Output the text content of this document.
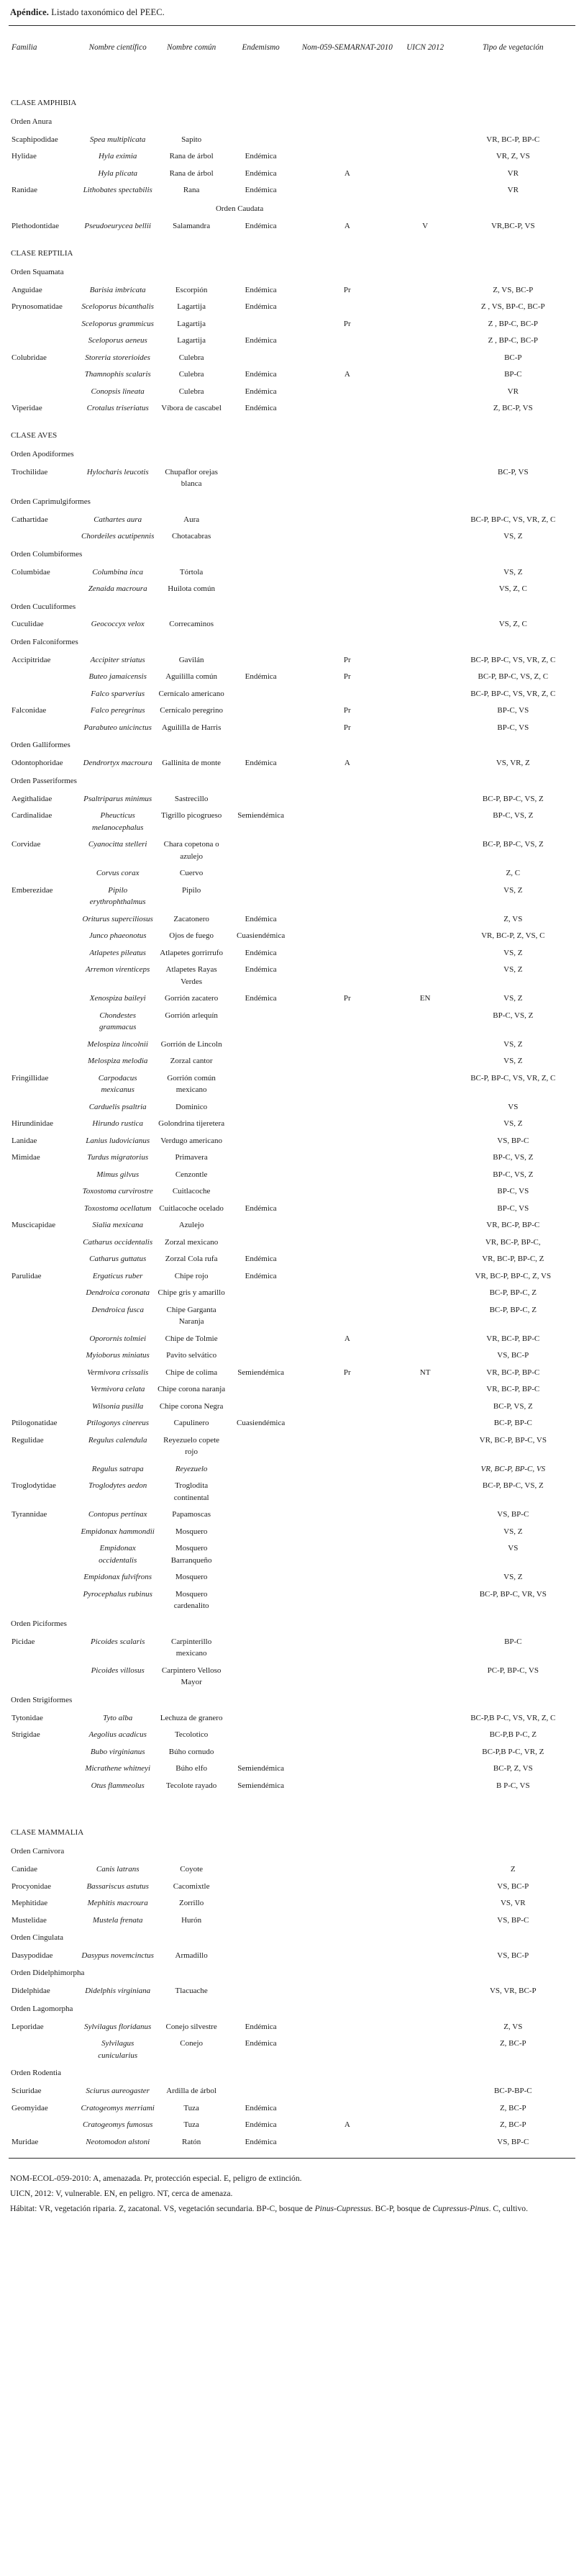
Apéndice. Listado taxonómico del PEEC.
Familia	Nombre científico	Nombre común	Endemismo	Nom-059-SEMARNAT-2010	UICN 2012	Tipo de vegetación
CLASE AMPHIBIA						
Orden Anura						
Scaphipodidae	Spea multiplicata	Sapito				VR, BC-P, BP-C
Hylidae	Hyla eximia	Rana de árbol	Endémica			VR, Z, VS
	Hyla plicata	Rana de árbol	Endémica	A		VR
Ranidae	Lithobates spectabilis	Rana	Endémica			VR
	Orden Caudata					
Plethodontidae	Pseudoeurycea bellii	Salamandra	Endémica	A	V	VR,BC-P, VS
CLASE REPTILIA						
Orden Squamata						
Anguidae	Barisia imbricata	Escorpión	Endémica	Pr		Z, VS, BC-P
Prynosomatidae	Sceloporus bicanthalis	Lagartija	Endémica			Z , VS, BP-C, BC-P
	Sceloporus grammicus	Lagartija		Pr		Z , BP-C, BC-P
	Sceloporus aeneus	Lagartija	Endémica			Z , BP-C, BC-P
Colubridae	Storeria storerioides	Culebra				BC-P
	Thamnophis scalaris	Culebra	Endémica	A		BP-C
	Conopsis lineata	Culebra	Endémica			VR
Viperidae	Crotalus triseriatus	Víbora de cascabel	Endémica			Z, BC-P, VS
CLASE AVES						
Orden Apodiformes						
Trochilidae	Hylocharis leucotis	Chupaflor orejas blanca				BC-P, VS
Orden Caprimulgiformes						
Cathartidae	Cathartes aura	Aura				BC-P, BP-C, VS, VR, Z, C
	Chordeiles acutipennis	Chotacabras				VS, Z
Orden Columbiformes						
Columbidae	Columbina inca	Tórtola				VS, Z
	Zenaida macroura	Huilota común				VS, Z, C
Orden Cuculiformes						
Cuculidae	Geococcyx velox	Correcaminos				VS, Z, C
Orden Falconiformes						
Accipitridae	Accipiter striatus	Gavilán		Pr		BC-P, BP-C, VS, VR, Z, C
	Buteo jamaicensis	Aguililla común	Endémica	Pr		BC-P, BP-C, VS, Z, C
	Falco sparverius	Cernícalo americano				BC-P, BP-C, VS, VR, Z, C
Falconidae	Falco peregrinus	Cernícalo peregrino		Pr		BP-C, VS
	Parabuteo unicinctus	Aguililla de Harris		Pr		BP-C, VS
Orden Galliformes						
Odontophoridae	Dendrortyx macroura	Gallinita de monte	Endémica	A		VS, VR, Z
Orden Passeriformes						
Aegithalidae	Psaltriparus minimus	Sastrecillo				BC-P, BP-C, VS, Z
Cardinalidae	Pheucticus melanocephalus	Tigrillo picogrueso	Semiendémica			BP-C, VS, Z
Corvidae	Cyanocitta stelleri	Chara copetona o azulejo				BC-P, BP-C, VS, Z
	Corvus corax	Cuervo				Z, C
Emberezidae	Pipilo erythrophthalmus	Pipilo				VS, Z
	Oriturus superciliosus	Zacatonero	Endémica			Z, VS
	Junco phaeonotus	Ojos de fuego	Cuasiendémica			VR, BC-P, Z, VS, C
	Atlapetes pileatus	Atlapetes gorrirrufo	Endémica			VS, Z
	Arremon virenticeps	Atlapetes Rayas Verdes	Endémica			VS, Z
	Xenospiza baileyi	Gorrión zacatero	Endémica	Pr	EN	VS, Z
	Chondestes grammacus	Gorrión arlequín				BP-C, VS, Z
	Melospiza lincolnii	Gorrión de Lincoln				VS, Z
	Melospiza melodia	Zorzal cantor				VS, Z
Fringillidae	Carpodacus mexicanus	Gorrión común mexicano				BC-P, BP-C, VS, VR, Z, C
	Carduelis psaltria	Dominico				VS
Hirundinidae	Hirundo rustica	Golondrina tijeretera				VS, Z
Lanidae	Lanius ludovicianus	Verdugo americano				VS, BP-C
Mimidae	Turdus migratorius	Primavera				BP-C, VS, Z
	Mimus gilvus	Cenzontle				BP-C, VS, Z
	Toxostoma curvirostre	Cuitlacoche				BP-C, VS
	Toxostoma ocellatum	Cuitlacoche ocelado	Endémica			BP-C, VS
Muscicapidae	Sialia mexicana	Azulejo				VR, BC-P, BP-C
	Catharus occidentalis	Zorzal mexicano				VR, BC-P, BP-C,
	Catharus guttatus	Zorzal Cola rufa	Endémica			VR, BC-P, BP-C, Z
Parulidae	Ergaticus ruber	Chipe rojo	Endémica			VR, BC-P, BP-C, Z, VS
	Dendroica coronata	Chipe gris y amarillo				BC-P, BP-C, Z
	Dendroica fusca	Chipe Garganta Naranja				BC-P, BP-C, Z
	Oporornis tolmiei	Chipe de Tolmie		A		VR, BC-P, BP-C
	Myioborus miniatus	Pavito selvático				VS, BC-P
	Vermivora crissalis	Chipe de colima	Semiendémica	Pr	NT	VR, BC-P, BP-C
	Vermivora celata	Chipe corona naranja				VR, BC-P, BP-C
	Wilsonia pusilla	Chipe corona Negra				BC-P, VS, Z
Ptilogonatidae	Ptilogonys cinereus	Capulinero	Cuasiendémica			BC-P, BP-C
Regulidae	Regulus calendula	Reyezuelo copete rojo				VR, BC-P, BP-C, VS
	Regulus satrapa	Reyezuelo				VR, BC-P, BP-C, VS
Troglodytidae	Troglodytes aedon	Troglodita continental				BC-P, BP-C, VS, Z
Tyrannidae	Contopus pertinax	Papamoscas				VS, BP-C
	Empidonax hammondii	Mosquero				VS, Z
	Empidonax occidentalis	Mosquero Barranqueño				VS
	Empidonax fulvifrons	Mosquero				VS, Z
	Pyrocephalus rubinus	Mosquero cardenalito				BC-P, BP-C, VR, VS
Orden Piciformes						
Picidae	Picoides scalaris	Carpinterillo mexicano				BP-C
	Picoides villosus	Carpintero Velloso Mayor				PC-P, BP-C, VS
Orden Strigiformes						
Tytonidae	Tyto alba	Lechuza de granero				BC-P,B P-C, VS, VR, Z, C
Strigidae	Aegolius acadicus	Tecolotico				BC-P,B P-C, Z
	Bubo virginianus	Búho cornudo				BC-P,B P-C, VR, Z
	Micrathene whitneyi	Búho elfo	Semiendémica			BC-P, Z, VS
	Otus flammeolus	Tecolote rayado	Semiendémica			B P-C, VS
CLASE MAMMALIA						
Orden Carnivora						
Canidae	Canis latrans	Coyote				Z
Procyonidae	Bassariscus astutus	Cacomixtle				VS, BC-P
Mephitidae	Mephitis macroura	Zorrillo				VS, VR
Mustelidae	Mustela frenata	Hurón				VS, BP-C
Orden Cingulata						
Dasypodidae	Dasypus novemcinctus	Armadillo				VS, BC-P
Orden Didelphimorpha						
Didelphidae	Didelphis virginiana	Tlacuache				VS, VR, BC-P
Orden Lagomorpha						
Leporidae	Sylvilagus floridanus	Conejo silvestre	Endémica			Z, VS
	Sylvilagus cunicularius	Conejo	Endémica			Z, BC-P
Orden Rodentia						
Sciuridae	Sciurus aureogaster	Ardilla de árbol				BC-P-BP-C
Geomyidae	Cratogeomys merriami	Tuza	Endémica			Z, BC-P
	Cratogeomys fumosus	Tuza	Endémica	A		Z, BC-P
Muridae	Neotomodon alstoni	Ratón	Endémica			VS, BP-C
NOM-ECOL-059-2010: A, amenazada. Pr, protección especial. E, peligro de extinción.
UICN, 2012: V, vulnerable. EN, en peligro. NT, cerca de amenaza.
Hábitat: VR, vegetación riparia. Z, zacatonal. VS, vegetación secundaria. BP-C, bosque de Pinus-Cupressus. BC-P, bosque de Cupressus-Pinus. C, cultivo.
